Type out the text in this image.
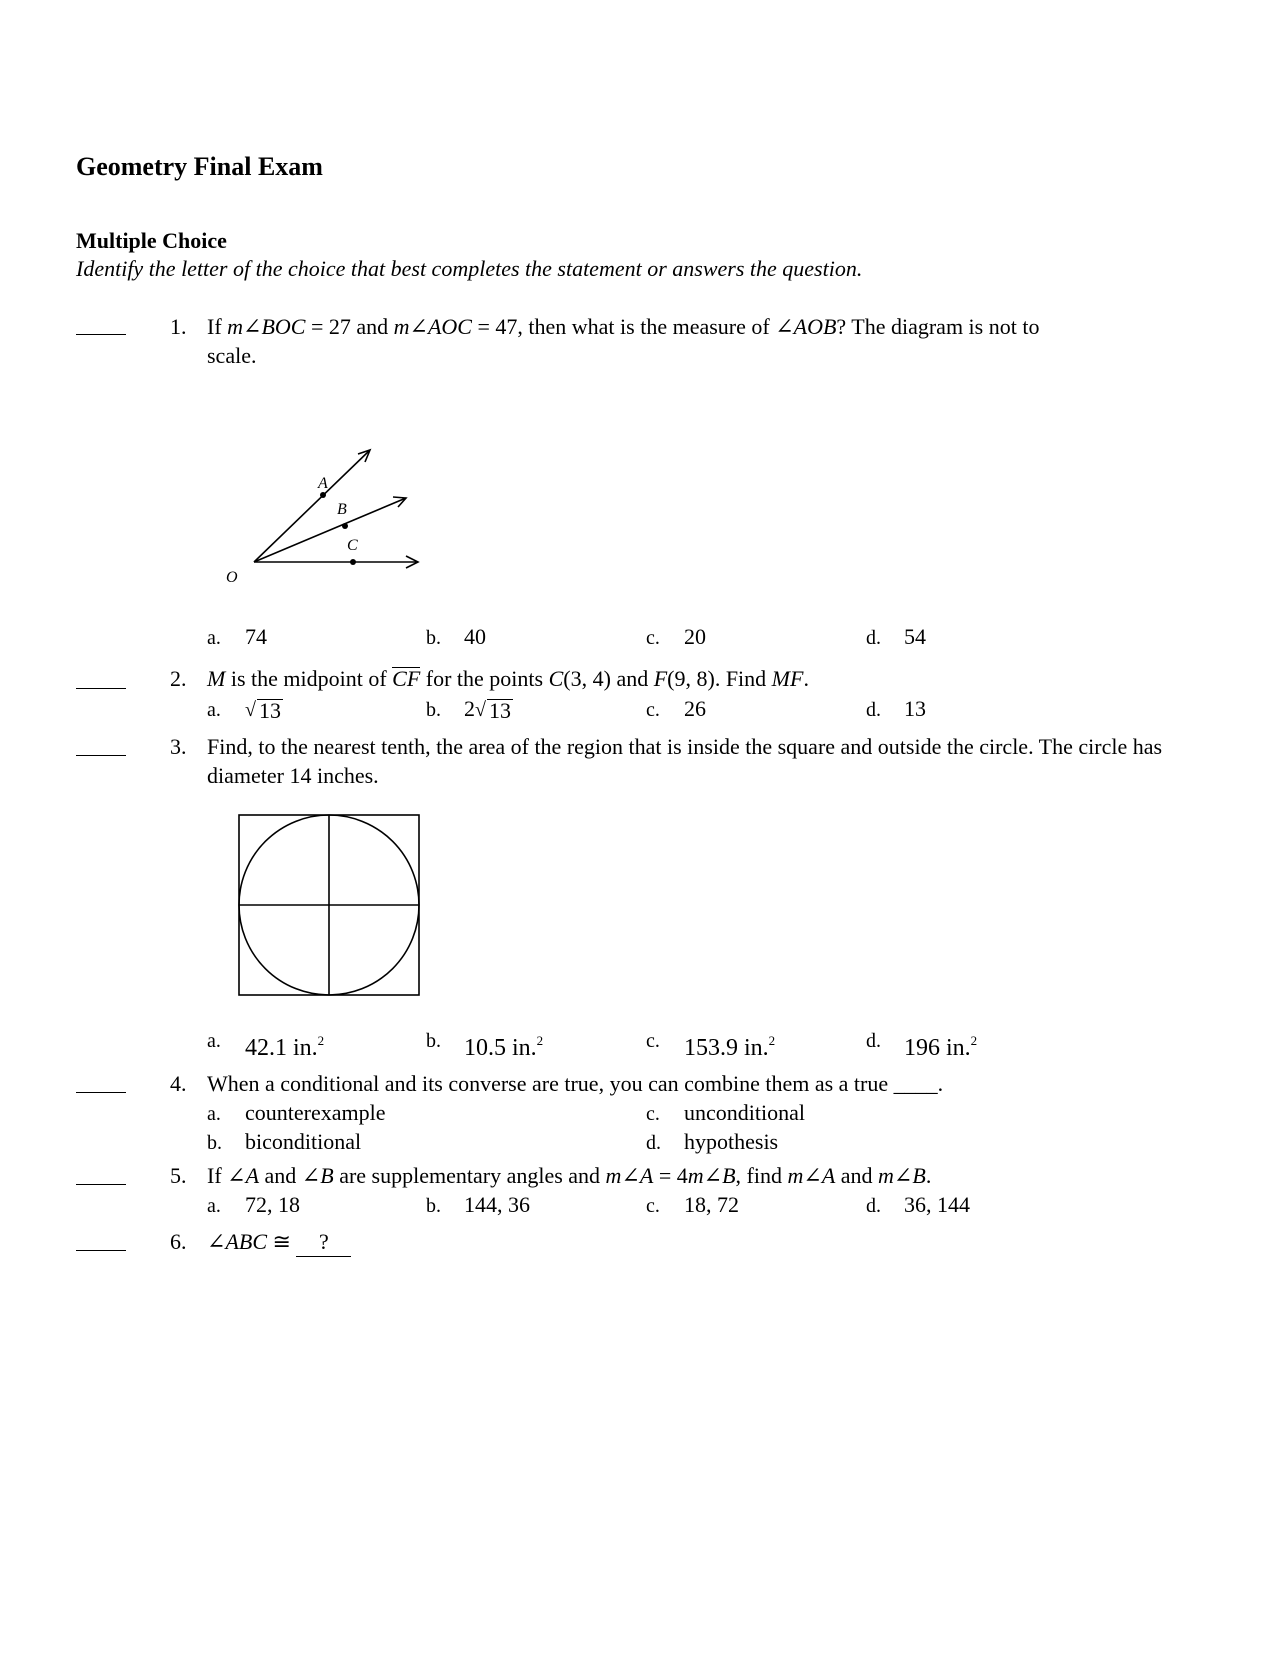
Geometry Final Exam
Multiple Choice
Identify the letter of the choice that best completes the statement or answers the question.
1. If m∠BOC = 27 and m∠AOC = 47, then what is the measure of ∠AOB? The diagram is not to
scale.
A
B
C
O
a. 74	b. 40	c. 20	d. 54
2. M is the midpoint of CF for the points C(3, 4) and F(9, 8). Find MF.
a. √ 13	b. 2 √ 13	c. 26	d. 13
3. Find, to the nearest tenth, the area of the region that is inside the square and outside the circle. The circle has diameter 14 inches.
a. 42.1 in.$^2$	b. 10.5 in.$^2$	c. 153.9 in.$^2$	d. 196 in.$^2$
4. When a conditional and its converse are true, you can combine them as a true ____.
a. counterexample	c. unconditional
b. biconditional	d. hypothesis
5. If ∠A and ∠B are supplementary angles and m∠A = 4m∠B, find m∠A and m∠B.
a. 72, 18	b. 144, 36	c. 18, 72	d. 36, 144
6. ∠ABC ≅ ?
